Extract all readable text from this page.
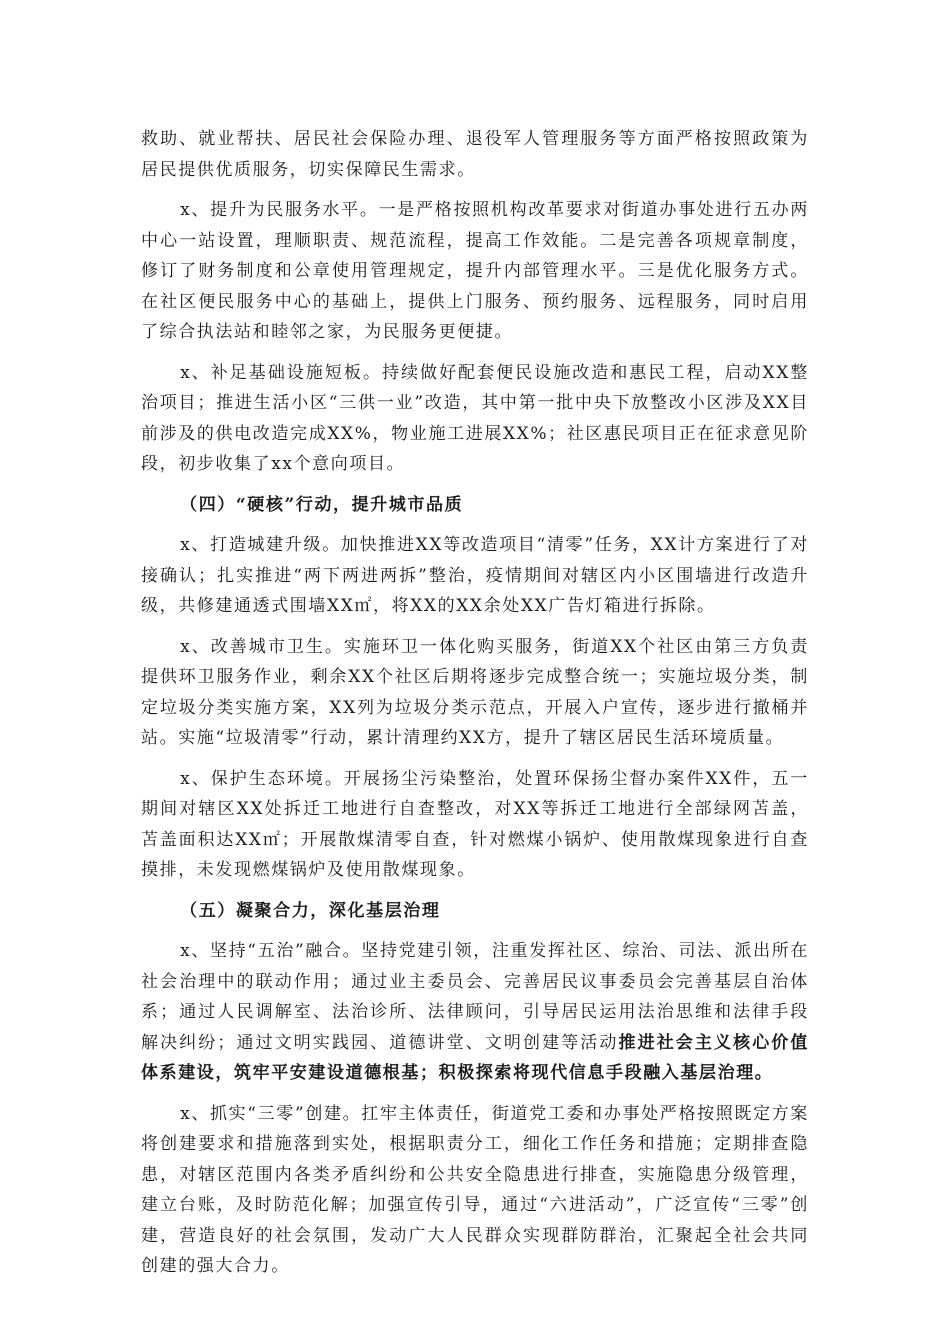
救助、就业帮扶、居民社会保险办理、退役军人管理服务等方面严格按照政策为居民提供优质服务，切实保障民生需求。

x、提升为民服务水平。一是严格按照机构改革要求对街道办事处进行五办两中心一站设置，理顺职责、规范流程，提高工作效能。二是完善各项规章制度，修订了财务制度和公章使用管理规定，提升内部管理水平。三是优化服务方式。在社区便民服务中心的基础上，提供上门服务、预约服务、远程服务，同时启用了综合执法站和睦邻之家，为民服务更便捷。

x、补足基础设施短板。持续做好配套便民设施改造和惠民工程，启动XX整治项目；推进生活小区“三供一业”改造，其中第一批中央下放整改小区涉及XX目前涉及的供电改造完成XX%，物业施工进展XX%；社区惠民项目正在征求意见阶段，初步收集了xx个意向项目。

（四）“硬核”行动，提升城市品质

x、打造城建升级。加快推进XX等改造项目“清零”任务，XX计方案进行了对接确认；扎实推进“两下两进两拆”整治，疫情期间对辖区内小区围墙进行改造升级，共修建通透式围墙XX㎡，将XX的XX余处XX广告灯箱进行拆除。

x、改善城市卫生。实施环卫一体化购买服务，街道XX个社区由第三方负责提供环卫服务作业，剩余XX个社区后期将逐步完成整合统一；实施垃圾分类，制定垃圾分类实施方案，XX列为垃圾分类示范点，开展入户宣传，逐步进行撤桶并站。实施“垃圾清零”行动，累计清理约XX方，提升了辖区居民生活环境质量。

x、保护生态环境。开展扬尘污染整治，处置环保扬尘督办案件XX件，五一期间对辖区XX处拆迁工地进行自查整改，对XX等拆迁工地进行全部绿网苫盖，苫盖面积达XX㎡；开展散煤清零自查，针对燃煤小锅炉、使用散煤现象进行自查摸排，未发现燃煤锅炉及使用散煤现象。

（五）凝聚合力，深化基层治理

x、坚持“五治”融合。坚持党建引领，注重发挥社区、综治、司法、派出所在社会治理中的联动作用；通过业主委员会、完善居民议事委员会完善基层自治体系；通过人民调解室、法治诊所、法律顾问，引导居民运用法治思维和法律手段解决纠纷；通过文明实践园、道德讲堂、文明创建等活动推进社会主义核心价值体系建设，筑牢平安建设道德根基；积极探索将现代信息手段融入基层治理。

x、抓实“三零”创建。扛牢主体责任，街道党工委和办事处严格按照既定方案将创建要求和措施落到实处，根据职责分工，细化工作任务和措施；定期排查隐患，对辖区范围内各类矛盾纠纷和公共安全隐患进行排查，实施隐患分级管理，建立台账，及时防范化解；加强宣传引导，通过“六进活动”，广泛宣传“三零”创建，营造良好的社会氛围，发动广大人民群众实现群防群治，汇聚起全社会共同创建的强大合力。
